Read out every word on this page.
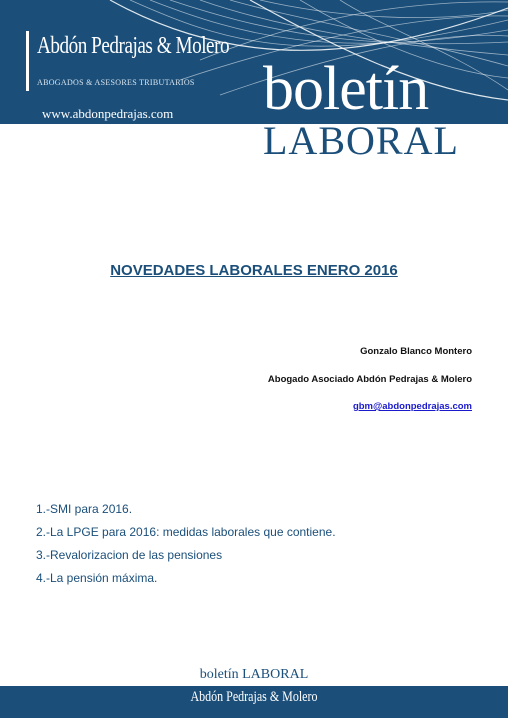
Abdón Pedrajas & Molero
ABOGADOS & ASESORES TRIBUTARIOS
www.abdonpedrajas.com boletín
LABORAL
NOVEDADES LABORALES ENERO 2016
Gonzalo Blanco Montero
Abogado Asociado Abdón Pedrajas & Molero
gbm@abdonpedrajas.com
1.-SMI para 2016.
2.-La LPGE para 2016: medidas laborales que contiene.
3.-Revalorizacion de las pensiones
4.-La pensión máxima.
boletín LABORAL
Abdón Pedrajas & Molero
